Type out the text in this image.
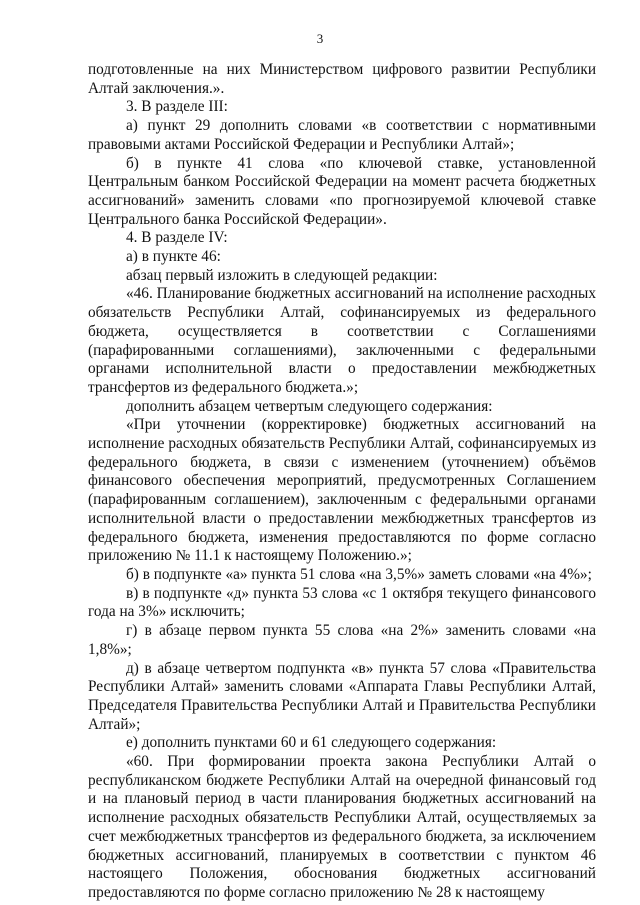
3

подготовленные на них Министерством цифрового развитии Республики Алтай заключения.».

3. В разделе III:

а) пункт 29 дополнить словами «в соответствии с нормативными правовыми актами Российской Федерации и Республики Алтай»;

б) в пункте 41 слова «по ключевой ставке, установленной Центральным банком Российской Федерации на момент расчета бюджетных ассигнований» заменить словами «по прогнозируемой ключевой ставке Центрального банка Российской Федерации».

4. В разделе IV:

а) в пункте 46:

абзац первый изложить в следующей редакции:

«46. Планирование бюджетных ассигнований на исполнение расходных обязательств Республики Алтай, софинансируемых из федерального бюджета, осуществляется в соответствии с Соглашениями (парафированными соглашениями), заключенными с федеральными органами исполнительной власти о предоставлении межбюджетных трансфертов из федерального бюджета.»;

дополнить абзацем четвертым следующего содержания:

«При уточнении (корректировке) бюджетных ассигнований на исполнение расходных обязательств Республики Алтай, софинансируемых из федерального бюджета, в связи с изменением (уточнением) объёмов финансового обеспечения мероприятий, предусмотренных Соглашением (парафированным соглашением), заключенным с федеральными органами исполнительной власти о предоставлении межбюджетных трансфертов из федерального бюджета, изменения предоставляются по форме согласно приложению № 11.1 к настоящему Положению.»;

б) в подпункте «а» пункта 51 слова «на 3,5%» заметь словами «на 4%»;

в) в подпункте «д» пункта 53 слова «с 1 октября текущего финансового года на 3%» исключить;

г) в абзаце первом пункта 55 слова «на 2%» заменить словами «на 1,8%»;

д) в абзаце четвертом подпункта «в» пункта 57 слова «Правительства Республики Алтай» заменить словами «Аппарата Главы Республики Алтай, Председателя Правительства Республики Алтай и Правительства Республики Алтай»;

е) дополнить пунктами 60 и 61 следующего содержания:

«60. При формировании проекта закона Республики Алтай о республиканском бюджете Республики Алтай на очередной финансовый год и на плановый период в части планирования бюджетных ассигнований на исполнение расходных обязательств Республики Алтай, осуществляемых за счет межбюджетных трансфертов из федерального бюджета, за исключением бюджетных ассигнований, планируемых в соответствии с пунктом 46 настоящего Положения, обоснования бюджетных ассигнований предоставляются по форме согласно приложению № 28 к настоящему
